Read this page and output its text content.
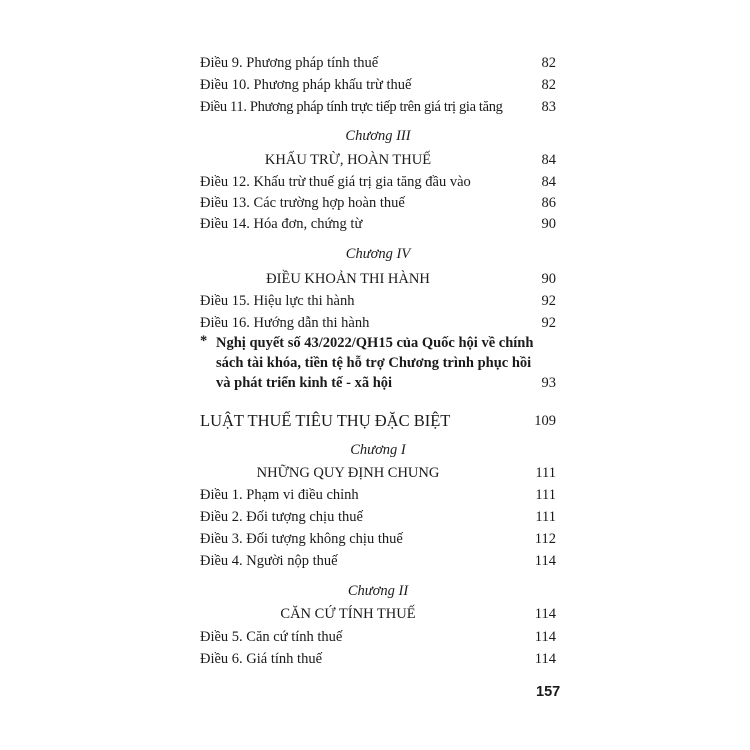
Điều 9. Phương pháp tính thuế	82
Điều 10. Phương pháp khấu trừ thuế	82
Điều 11. Phương pháp tính trực tiếp trên giá trị gia tăng	83
Chương III
KHẤU TRỪ, HOÀN THUẾ	84
Điều 12. Khấu trừ thuế giá trị gia tăng đầu vào	84
Điều 13. Các trường hợp hoàn thuế	86
Điều 14. Hóa đơn, chứng từ	90
Chương IV
ĐIỀU KHOẢN THI HÀNH	90
Điều 15. Hiệu lực thi hành	92
Điều 16. Hướng dẫn thi hành	92
* Nghị quyết số 43/2022/QH15 của Quốc hội về chính
sách tài khóa, tiền tệ hỗ trợ Chương trình phục hồi
và phát triển kinh tế - xã hội	93
LUẬT THUẾ TIÊU THỤ ĐẶC BIỆT	109
Chương I
NHỮNG QUY ĐỊNH CHUNG	111
Điều 1. Phạm vi điều chỉnh	111
Điều 2. Đối tượng chịu thuế	111
Điều 3. Đối tượng không chịu thuế	112
Điều 4. Người nộp thuế	114
Chương II
CĂN CỨ TÍNH THUẾ	114
Điều 5. Căn cứ tính thuế	114
Điều 6. Giá tính thuế	114
157
